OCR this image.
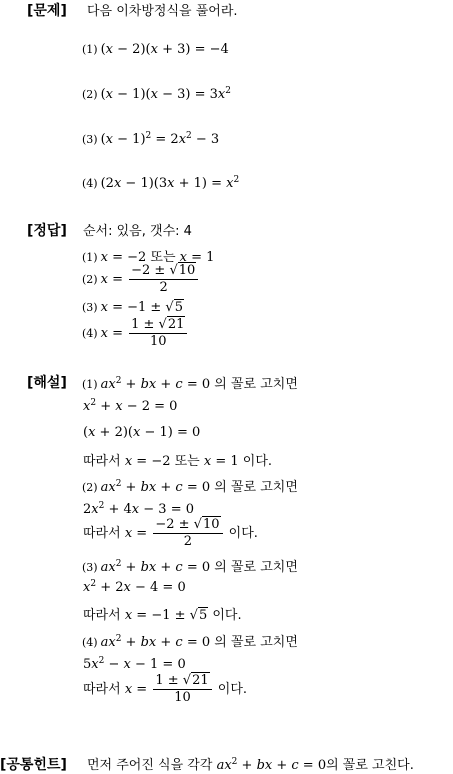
[문제]
[정답]
[해설]
[공통힌트]
다음 이차방정식을 풀어라.
(1) (x − 2)(x + 3) = −4
(2) $(x - 1)(x - 3) = 3x^2$
(3) $(x - 1)^2 = 2x^2 - 3$
(4) $(2x - 1)(3x + 1) = x^2$
순서: 있음, 갯수: 4
(1) x = −2 또는 x = 1
(2) $x = \frac{-2 \pm √10}{2}$
(3) x = −1 ± √5
(4) $x = \frac{1 \pm √21}{10}$
(1) $ax^2$ + bx + c = 0 의 꼴로 고치면
$x^2 + x - 2 = 0$
(x + 2)(x − 1) = 0
따라서 x = −2 또는 x = 1 이다.
(2) $ax^2$ + bx + c = 0 의 꼴로 고치면
$2x^2 + 4x - 3 = 0$
따라서 $x = \frac{-2 \pm √10}{2}$ 이다.
(3) $ax^2$ + bx + c = 0 의 꼴로 고치면
$x^2 + 2x - 4 = 0$
따라서 x = −1 ± √5 이다.
(4) $ax^2$ + bx + c = 0 의 꼴로 고치면
$5x^2 - x - 1 = 0$
따라서 $x = \frac{1 \pm √21}{10}$ 이다.
먼저 주어진 식을 각각 $ax^2$ + bx + c = 0의 꼴로 고친다.
